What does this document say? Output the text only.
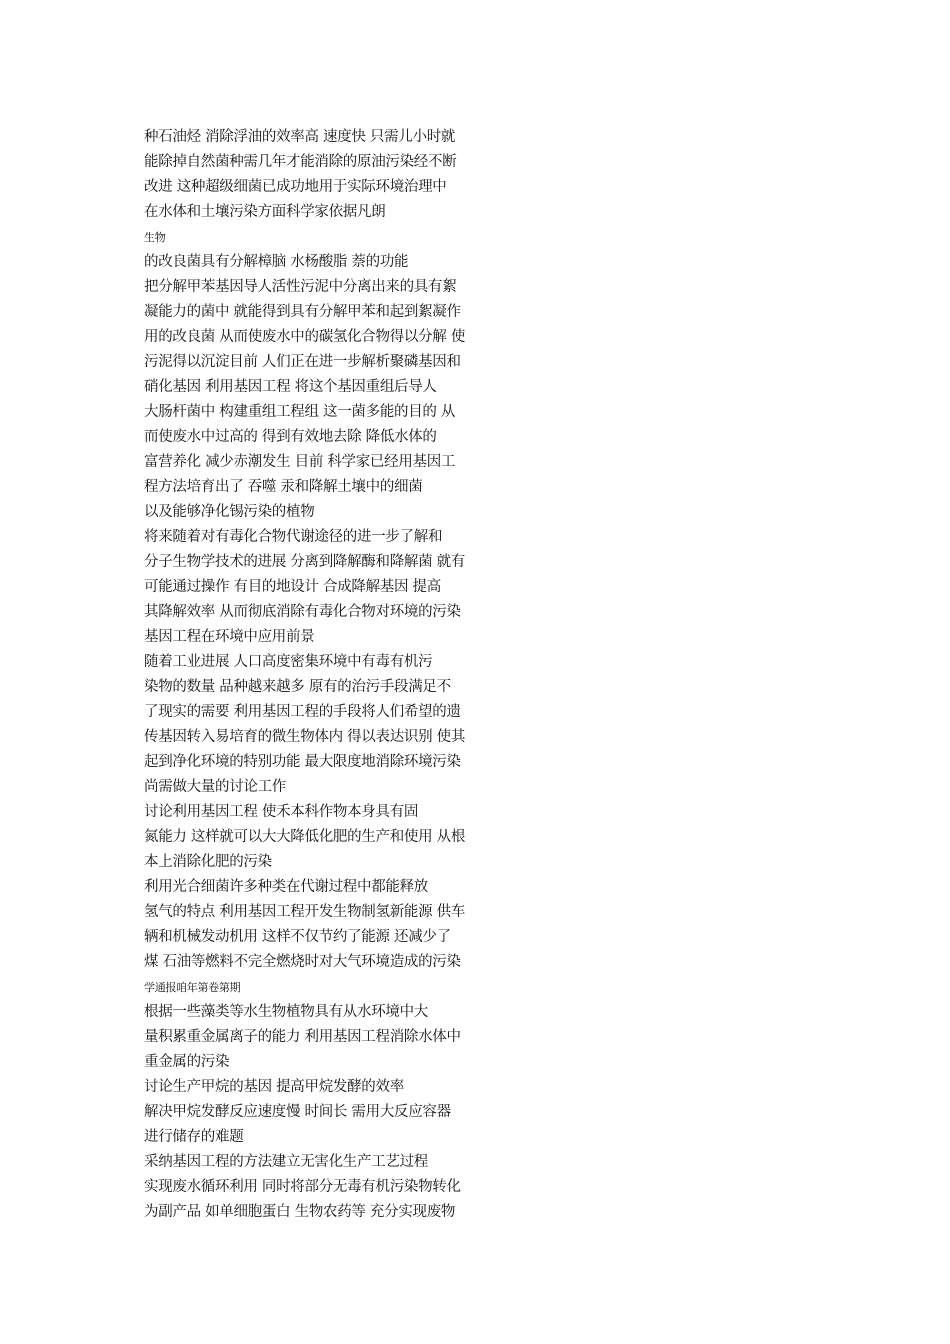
种石油烃 消除浮油的效率高 速度快 只需儿小时就
能除掉自然菌种需几年才能消除的原油污染经不断
改进 这种超级细菌已成功地用于实际环境治理中
在水体和土壤污染方面科学家依据凡朗
生物
的改良菌具有分解樟脑 水杨酸脂 萘的功能
把分解甲苯基因导人活性污泥中分离出来的具有絮
凝能力的菌中 就能得到具有分解甲苯和起到絮凝作
用的改良菌 从而使废水中的碳氢化合物得以分解 使
污泥得以沉淀目前 人们正在进一步解析聚磷基因和
硝化基因 利用基因工程 将这个基因重组后导人
大肠杆菌中 构建重组工程组 这一菌多能的目的 从
而使废水中过高的 得到有效地去除 降低水体的
富营养化 减少赤潮发生 目前 科学家已经用基因工
程方法培育出了 吞噬 汞和降解土壤中的细菌
以及能够净化锡污染的植物
将来随着对有毒化合物代谢途径的进一步了解和
分子生物学技术的进展 分离到降解酶和降解菌 就有
可能通过操作 有目的地设计 合成降解基因 提高
其降解效率 从而彻底消除有毒化合物对环境的污染
基因工程在环境中应用前景
随着工业进展 人口高度密集环境中有毒有机污
染物的数量 品种越来越多 原有的治污手段满足不
了现实的需要 利用基因工程的手段将人们希望的遗
传基因转入易培育的微生物体内 得以表达识别 使其
起到净化环境的特别功能 最大限度地消除环境污染
尚需做大量的讨论工作
讨论利用基因工程 使禾本科作物本身具有固
氮能力 这样就可以大大降低化肥的生产和使用 从根
本上消除化肥的污染
利用光合细菌许多种类在代谢过程中都能释放
氢气的特点 利用基因工程开发生物制氢新能源 供车
辆和机械发动机用 这样不仅节约了能源 还减少了
煤 石油等燃料不完全燃烧时对大气环境造成的污染
学通报咱年第卷第期
根据一些藻类等水生物植物具有从水环境中大
量积累重金属离子的能力 利用基因工程消除水体中
重金属的污染
讨论生产甲烷的基因 提高甲烷发酵的效率
解决甲烷发酵反应速度慢 时间长 需用大反应容器
进行储存的难题
采纳基因工程的方法建立无害化生产工艺过程
实现废水循环利用 同时将部分无毒有机污染物转化
为副产品 如单细胞蛋白 生物农药等 充分实现废物
